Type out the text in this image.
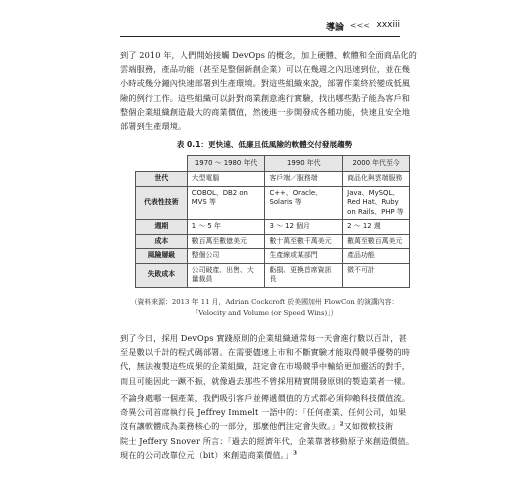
導論 <<< xxxiii
到了 2010 年，人們開始接觸 DevOps 的概念，加上硬體、軟體和全面商品化的
雲端服務，產品功能（甚至是整個新創企業）可以在幾週之內迅速到位，並在幾
小時或幾分鐘內快速部署到生產環境。對這些組織來說，部署作業終於變成低風
險的例行工作。這些組織可以針對商業創意進行實驗，找出哪些點子能為客戶和
整個企業組織創造最大的商業價值，然後進一步開發成各種功能，快速且安全地
部署到生產環境。
表 0.1：更快速、低廉且低風險的軟體交付發展趨勢
	1970 ～ 1980 年代	1990 年代	2000 年代至今
世代	大型電腦	客戶端／服務端	商品化與雲端服務
代表性技術	COBOL、DB2 on MVS 等	C++、Oracle、Solaris 等	Java、MySQL、Red Hat、Ruby on Rails、PHP 等
週期	1 ～ 5 年	3 ～ 12 個月	2 ～ 12 週
成本	數百萬至數億美元	數十萬至數千萬美元	數萬至數百萬美元
風險層級	整個公司	生產線或某部門	產品功能
失敗成本	公司破產、出售、大量裁員	虧損、更換首席資訊長	微不可計
（資料來源：2013 年 11 月，Adrian Cockcroft 於美國加州 FlowCon 的演講內容：
「Velocity and Volume (or Speed Wins)」）
到了今日，採用 DevOps 實踐原則的企業組織通常每一天會進行數以百計，甚
至是數以千計的程式碼部署。在需要儘速上市和不斷實驗才能取得競爭優勢的時
代，無法複製這些成果的企業組織，註定會在市場競爭中輸給更加靈活的對手，
而且可能因此一蹶不振，就像過去那些不曾採用精實開發原則的製造業者一樣。
不論身處哪一個產業，我們吸引客戶並傳遞價值的方式都必須仰賴科技價值流。
奇異公司首席執行長 Jeffrey Immelt 一語中的：「任何產業、任何公司，如果
沒有讓軟體成為業務核心的一部分，那麼他們注定會失敗。」$^2$又如微軟技術
院士 Jeffery Snover 所言：「過去的經濟年代，企業靠著移動原子來創造價值。
現在的公司改靠位元（bit）來創造商業價值。」$^3$
